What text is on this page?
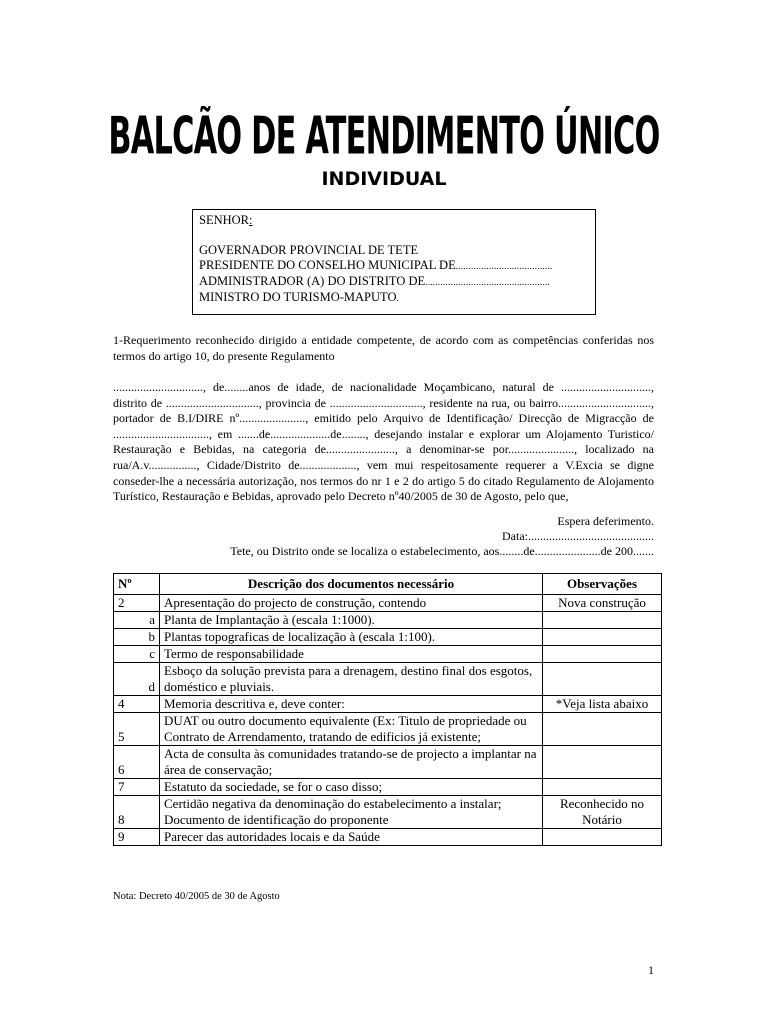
BALCÃO DE ATENDIMENTO ÚNICO
INDIVIDUAL
SENHOR:
GOVERNADOR PROVINCIAL DE TETE
PRESIDENTE DO CONSELHO MUNICIPAL DE......................................
ADMINISTRADOR (A) DO DISTRITO DE.................................................
MINISTRO DO TURISMO-MAPUTO.
1-Requerimento reconhecido dirigido a entidade competente, de acordo com as competências conferidas nos termos do artigo 10, do presente Regulamento
.............................., de........anos de idade, de nacionalidade Moçambicano, natural de .............................., distrito de ..............................., provincia de ..............................., residente na rua, ou bairro..............................., portador de B.I/DIRE nº......................, emitido pelo Arquivo de Identificação/ Direcção de Migracção de ................................, em .......de....................de........, desejando instalar e explorar um Alojamento Turistico/ Restauração e Bebidas, na categoria de......................., a denominar-se por......................, localizado na rua/A.v................, Cidade/Distrito de..................., vem mui respeitosamente requerer a V.Excia se digne conseder-lhe a necessária autorização, nos termos do nr 1 e 2 do artigo 5 do citado Regulamento de Alojamento Turístico, Restauração e Bebidas, aprovado pelo Decreto nº40/2005 de 30 de Agosto, pelo que,
Espera deferimento.
Data:..........................................
Tete, ou Distrito onde se localiza o estabelecimento, aos........de......................de 200.......
Nº	Descrição dos documentos necessário	Observações
2	Apresentação do projecto de construção, contendo	Nova construção
a	Planta de Implantação à (escala 1:1000).	
b	Plantas topograficas de localização à (escala 1:100).	
c	Termo de responsabilidade	
d	Esboço da solução prevista para a drenagem, destino final dos esgotos, doméstico e pluviais.	
4	Memoria descritiva e, deve conter:	*Veja lista abaixo
5	DUAT ou outro documento equivalente (Ex: Titulo de propriedade ou Contrato de Arrendamento, tratando de edificios já existente;	
6	Acta de consulta às comunidades tratando-se de projecto a implantar na área de conservação;	
7	Estatuto da sociedade, se for o caso disso;	
8	Certidão negativa da denominação do estabelecimento a instalar; Documento de identificação do proponente	Reconhecido no Notário
9	Parecer das autoridades locais e da Saúde	
Nota: Decreto 40/2005 de 30 de Agosto
1
